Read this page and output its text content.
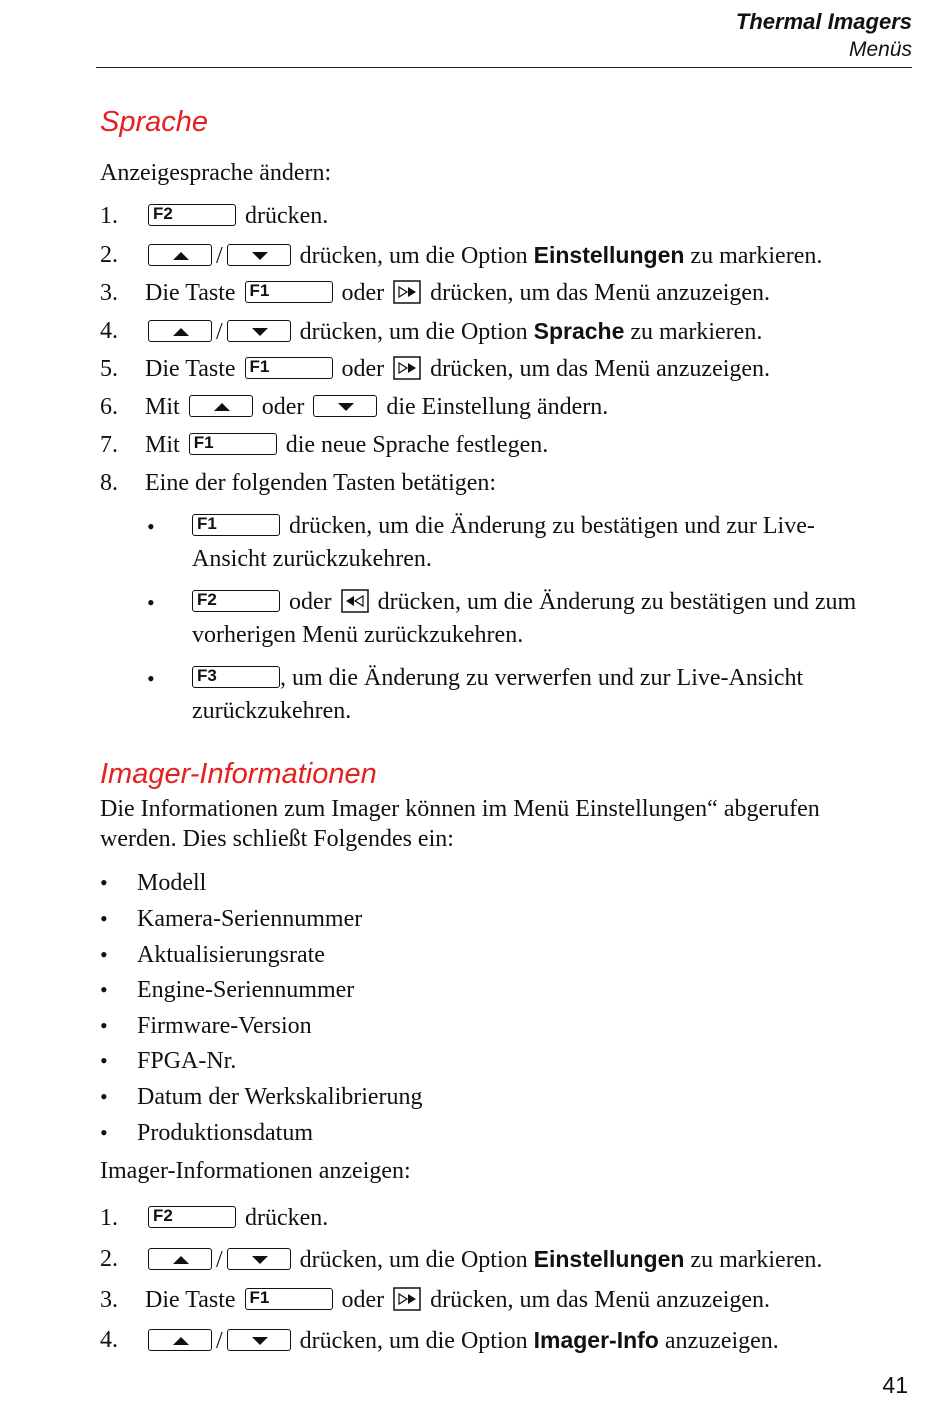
Thermal Imagers
Menüs
Sprache
Anzeigesprache ändern:
1. F2	drücken.
2.	/	drücken, um die Option Einstellungen zu markieren.
3. Die Taste F1	oder drücken, um das Menü anzuzeigen.
4.	/	drücken, um die Option Sprache zu markieren.
5. Die Taste F1	oder drücken, um das Menü anzuzeigen.
6. Mit	oder	die Einstellung ändern.
7. Mit F1	die neue Sprache festlegen.
8. Eine der folgenden Tasten betätigen:
• F1	drücken, um die Änderung zu bestätigen und zur Live-
Ansicht zurückzukehren.
• F2	oder drücken, um die Änderung zu bestätigen und zum
vorherigen Menü zurückzukehren.
• F3	, um die Änderung zu verwerfen und zur Live-Ansicht
zurückzukehren.
Imager-Informationen
Die Informationen zum Imager können im Menü Einstellungen“ abgerufen
werden. Dies schließt Folgendes ein:
• Modell
• Kamera-Seriennummer
• Aktualisierungsrate
• Engine-Seriennummer
• Firmware-Version
• FPGA-Nr.
• Datum der Werkskalibrierung
• Produktionsdatum
Imager-Informationen anzeigen:
1. F2	drücken.
2.	/	drücken, um die Option Einstellungen zu markieren.
3. Die Taste F1	oder drücken, um das Menü anzuzeigen.
4.	/	drücken, um die Option Imager-Info anzuzeigen.
41
